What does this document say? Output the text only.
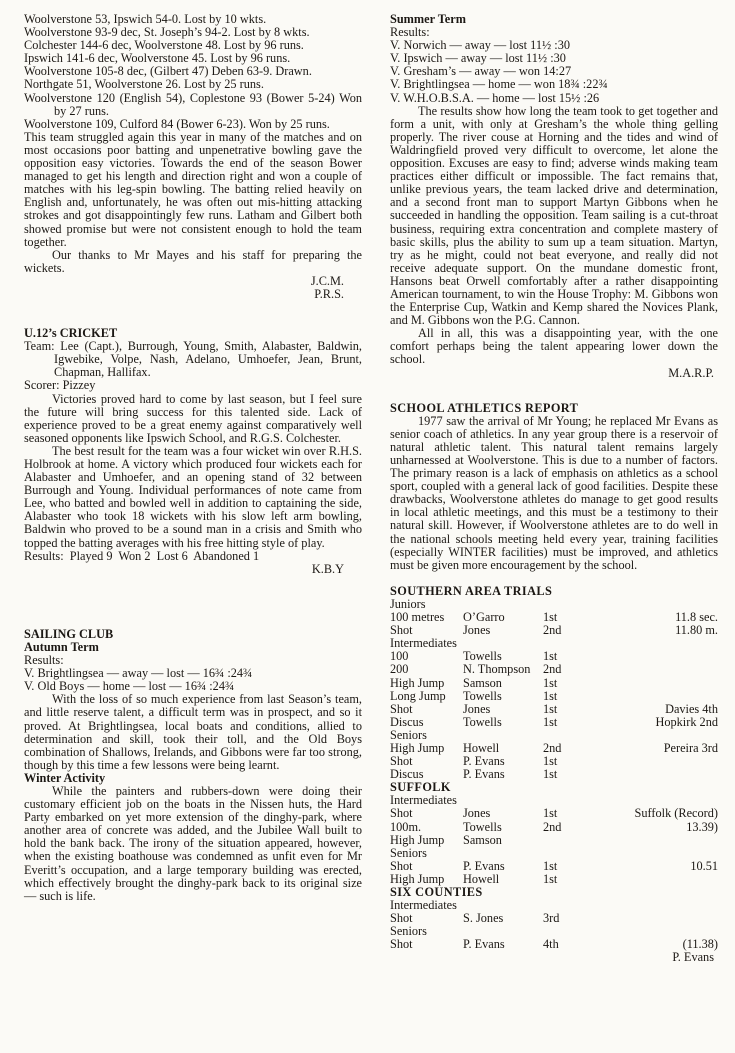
Woolverstone 53, Ipswich 54-0. Lost by 10 wkts.
Woolverstone 93-9 dec, St. Joseph’s 94-2. Lost by 8 wkts.
Colchester 144-6 dec, Woolverstone 48. Lost by 96 runs.
Ipswich 141-6 dec, Woolverstone 45. Lost by 96 runs.
Woolverstone 105-8 dec, (Gilbert 47) Deben 63-9. Drawn.
Northgate 51, Woolverstone 26. Lost by 25 runs.
Woolverstone 120 (English 54), Coplestone 93 (Bower 5-24) Won by 27 runs.
Woolverstone 109, Culford 84 (Bower 6-23). Won by 25 runs.

This team struggled again this year in many of the matches and on most occasions poor batting and unpenetrative bowling gave the opposition easy victories. Towards the end of the season Bower managed to get his length and direction right and won a couple of matches with his leg-spin bowling. The batting relied heavily on English and, unfortunately, he was often out mis-hitting attacking strokes and got disappointingly few runs. Latham and Gilbert both showed promise but were not consistent enough to hold the team together.

Our thanks to Mr Mayes and his staff for preparing the wickets.

J.C.M.
P.R.S.

U.12’s CRICKET

Team: Lee (Capt.), Burrough, Young, Smith, Alabaster, Baldwin, Igwebike, Volpe, Nash, Adelano, Umhoefer, Jean, Brunt, Chapman, Hallifax.

Scorer: Pizzey

Victories proved hard to come by last season, but I feel sure the future will bring success for this talented side. Lack of experience proved to be a great enemy against comparatively well seasoned opponents like Ipswich School, and R.G.S. Colchester.

The best result for the team was a four wicket win over R.H.S. Holbrook at home. A victory which produced four wickets each for Alabaster and Umhoefer, and an opening stand of 32 between Burrough and Young. Individual performances of note came from Lee, who batted and bowled well in addition to captaining the side, Alabaster who took 18 wickets with his slow left arm bowling, Baldwin who proved to be a sound man in a crisis and Smith who topped the batting averages with his free hitting style of play.

Results:  Played 9  Won 2  Lost 6  Abandoned 1

K.B.Y

SAILING CLUB

Autumn Term

Results:

V. Brightlingsea — away — lost — 16¾ :24¾
V. Old Boys — home — lost — 16¾ :24¾

With the loss of so much experience from last Season’s team, and little reserve talent, a difficult term was in prospect, and so it proved. At Brightlingsea, local boats and conditions, allied to determination and skill, took their toll, and the Old Boys combination of Shallows, Irelands, and Gibbons were far too strong, though by this time a few lessons were being learnt.

Winter Activity

While the painters and rubbers-down were doing their customary efficient job on the boats in the Nissen huts, the Hard Party embarked on yet more extension of the dinghy-park, where another area of concrete was added, and the Jubilee Wall built to hold the bank back. The irony of the situation appeared, however, when the existing boathouse was condemned as unfit even for Mr Everitt’s occupation, and a large temporary building was erected, which effectively brought the dinghy-park back to its original size — such is life.

Summer Term

Results:

V. Norwich — away — lost 11½ :30
V. Ipswich — away — lost 11½ :30
V. Gresham’s — away — won 14:27
V. Brightlingsea — home — won 18¾ :22¾
V. W.H.O.B.S.A. — home — lost 15½ :26

The results show how long the team took to get together and form a unit, with only at Gresham’s the whole thing gelling properly. The river couse at Horning and the tides and wind of Waldringfield proved very difficult to overcome, let alone the opposition. Excuses are easy to find; adverse winds making team practices either difficult or impossible. The fact remains that, unlike previous years, the team lacked drive and determination, and a second front man to support Martyn Gibbons when he succeeded in handling the opposition. Team sailing is a cut-throat business, requiring extra concentration and complete mastery of basic skills, plus the ability to sum up a team situation. Martyn, try as he might, could not beat everyone, and really did not receive adequate support. On the mundane domestic front, Hansons beat Orwell comfortably after a rather disappointing American tournament, to win the House Trophy: M. Gibbons won the Enterprise Cup, Watkin and Kemp shared the Novices Plank, and M. Gibbons won the P.G. Cannon.

All in all, this was a disappointing year, with the one comfort perhaps being the talent appearing lower down the school.

M.A.R.P.

SCHOOL ATHLETICS REPORT

1977 saw the arrival of Mr Young; he replaced Mr Evans as senior coach of athletics. In any year group there is a reservoir of natural athletic talent. This natural talent remains largely unharnessed at Woolverstone. This is due to a number of factors. The primary reason is a lack of emphasis on athletics as a school sport, coupled with a general lack of good facilities. Despite these drawbacks, Woolverstone athletes do manage to get good results in local athletic meetings, and this must be a testimony to their natural skill. However, if Woolverstone athletes are to do well in the national schools meeting held every year, training facilities (especially WINTER facilities) must be improved, and athletics must be given more encouragement by the school.

SOUTHERN AREA TRIALS

Juniors
100 metres	O’Garro	1st	11.8 sec.
Shot	Jones	2nd	11.80 m.
Intermediates
100	Towells	1st
200	N. Thompson	2nd
High Jump	Samson	1st
Long Jump	Towells	1st
Shot	Jones	1st	Davies 4th
Discus	Towells	1st	Hopkirk 2nd
Seniors
High Jump	Howell	2nd	Pereira 3rd
Shot	P. Evans	1st
Discus	P. Evans	1st
SUFFOLK
Intermediates
Shot	Jones	1st	Suffolk (Record)
100m.	Towells	2nd	13.39)
High Jump	Samson
Seniors
Shot	P. Evans	1st	10.51
High Jump	Howell	1st
SIX COUNTIES
Intermediates
Shot	S. Jones	3rd
Seniors
Shot	P. Evans	4th	(11.38)
P. Evans
